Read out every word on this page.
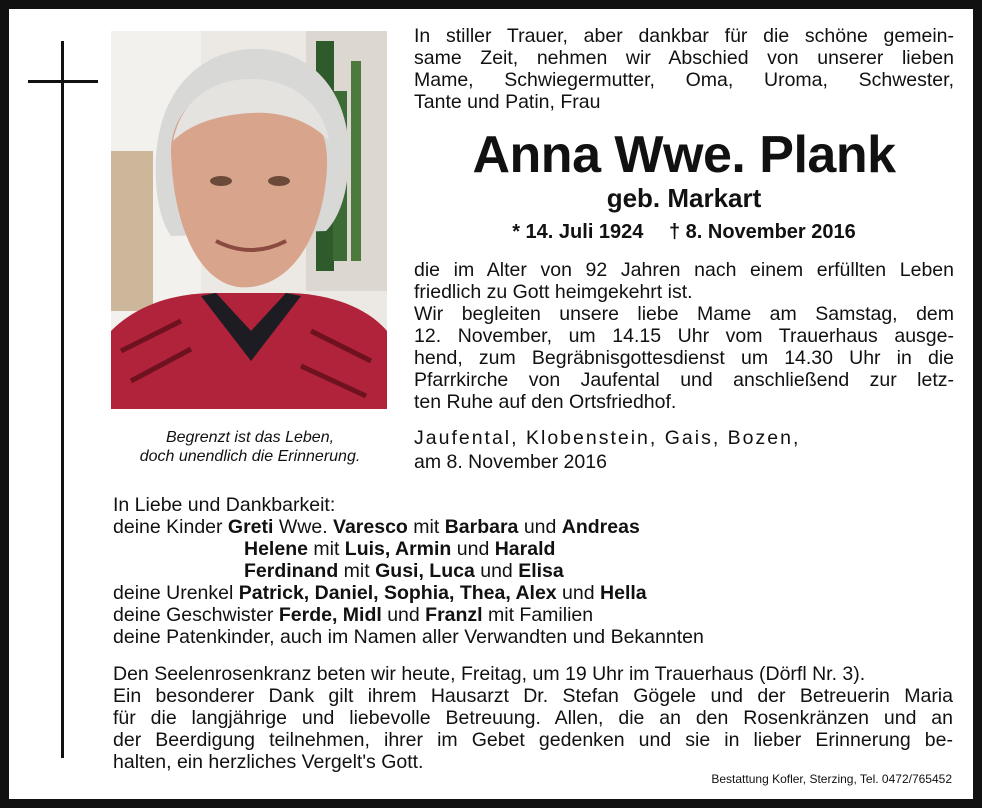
Begrenzt ist das Leben,
doch unendlich die Erinnerung.
In stiller Trauer, aber dankbar für die schöne gemein-
same Zeit, nehmen wir Abschied von unserer lieben
Mame, Schwiegermutter, Oma, Uroma, Schwester,
Tante und Patin, Frau
Anna Wwe. Plank
geb. Markart
* 14. Juli 1924 † 8. November 2016
die im Alter von 92 Jahren nach einem erfüllten Leben
friedlich zu Gott heimgekehrt ist.
Wir begleiten unsere liebe Mame am Samstag, dem
12. November, um 14.15 Uhr vom Trauerhaus ausge-
hend, zum Begräbnisgottesdienst um 14.30 Uhr in die
Pfarrkirche von Jaufental und anschließend zur letz-
ten Ruhe auf den Ortsfriedhof.
Jaufental, Klobenstein, Gais, Bozen,
am 8. November 2016
In Liebe und Dankbarkeit:
deine Kinder Greti Wwe. Varesco mit Barbara und Andreas
Helene mit Luis, Armin und Harald
Ferdinand mit Gusi, Luca und Elisa
deine Urenkel Patrick, Daniel, Sophia, Thea, Alex und Hella
deine Geschwister Ferde, Midl und Franzl mit Familien
deine Patenkinder, auch im Namen aller Verwandten und Bekannten
Den Seelenrosenkranz beten wir heute, Freitag, um 19 Uhr im Trauerhaus (Dörfl Nr. 3).
Ein besonderer Dank gilt ihrem Hausarzt Dr. Stefan Gögele und der Betreuerin Maria
für die langjährige und liebevolle Betreuung. Allen, die an den Rosenkränzen und an
der Beerdigung teilnehmen, ihrer im Gebet gedenken und sie in lieber Erinnerung be-
halten, ein herzliches Vergelt's Gott.
Bestattung Kofler, Sterzing, Tel. 0472/765452
